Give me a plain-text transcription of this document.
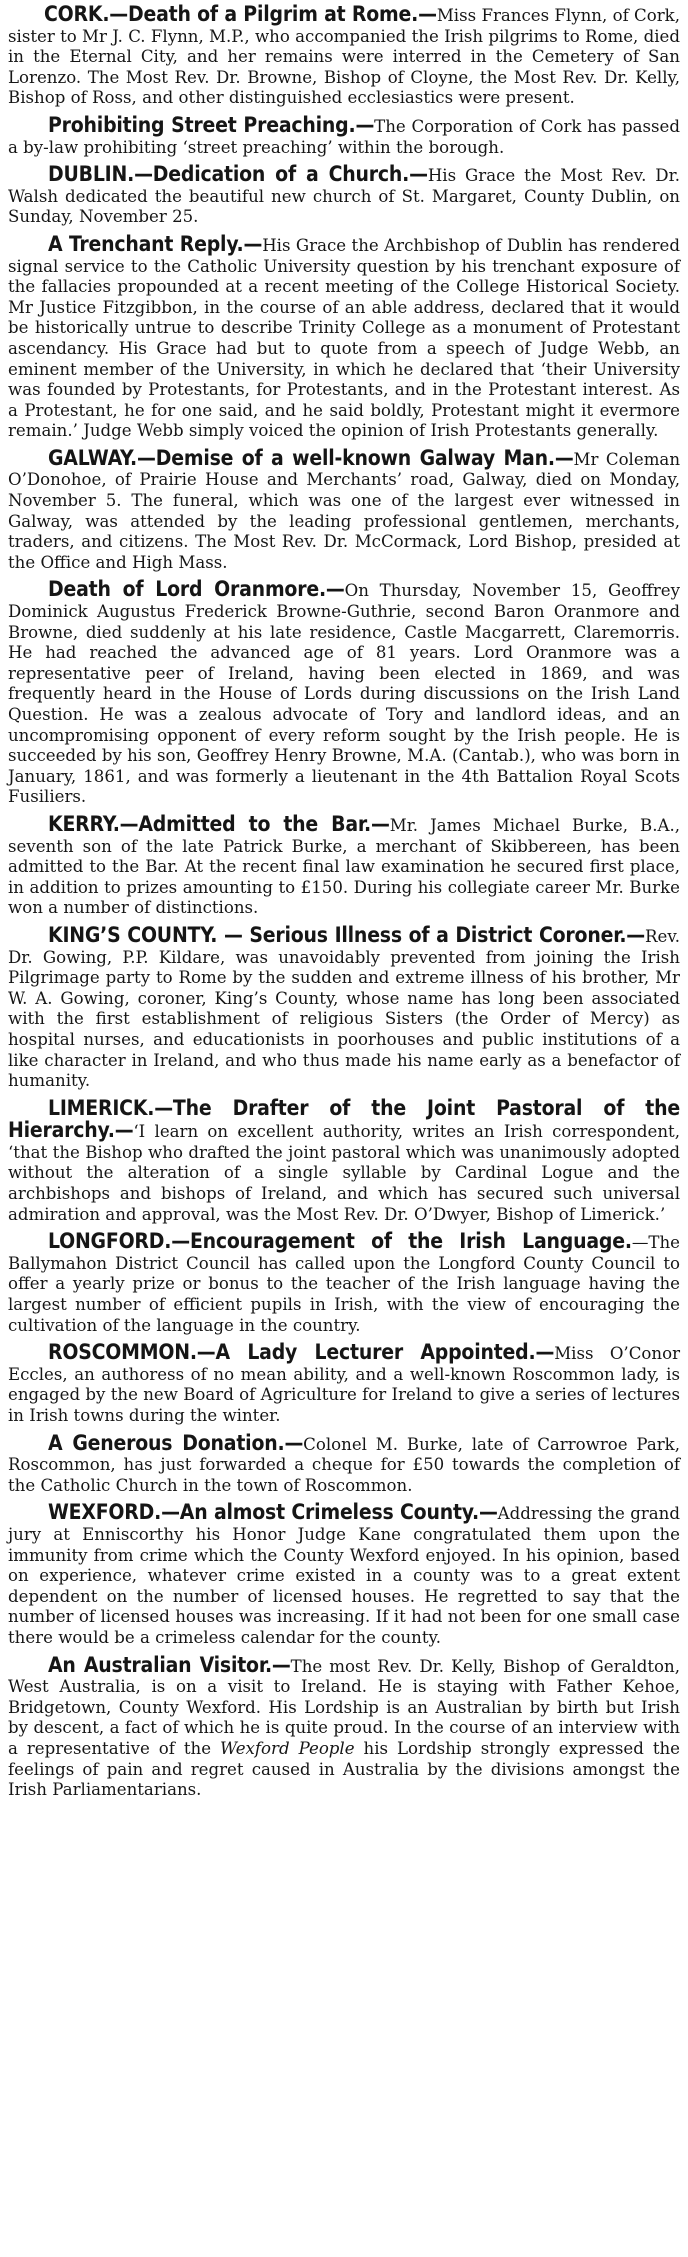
CORK.—Death of a Pilgrim at Rome.—Miss Frances Flynn, of Cork, sister to Mr J. C. Flynn, M.P., who accompanied the Irish pilgrims to Rome, died in the Eternal City, and her remains were interred in the Cemetery of San Lorenzo. The Most Rev. Dr. Browne, Bishop of Cloyne, the Most Rev. Dr. Kelly, Bishop of Ross, and other distinguished ecclesiastics were present.

Prohibiting Street Preaching.—The Corporation of Cork has passed a by-law prohibiting ‘street preaching’ within the borough.

DUBLIN.—Dedication of a Church.—His Grace the Most Rev. Dr. Walsh dedicated the beautiful new church of St. Margaret, County Dublin, on Sunday, November 25.

A Trenchant Reply.—His Grace the Archbishop of Dublin has rendered signal service to the Catholic University question by his trenchant exposure of the fallacies propounded at a recent meeting of the College Historical Society. Mr Justice Fitzgibbon, in the course of an able address, declared that it would be historically untrue to describe Trinity College as a monument of Protestant ascendancy. His Grace had but to quote from a speech of Judge Webb, an eminent member of the University, in which he declared that ‘their University was founded by Protestants, for Protestants, and in the Protestant interest. As a Protestant, he for one said, and he said boldly, Protestant might it evermore remain.’ Judge Webb simply voiced the opinion of Irish Protestants generally.

GALWAY.—Demise of a well-known Galway Man.—Mr Coleman O’Donohoe, of Prairie House and Merchants’ road, Galway, died on Monday, November 5. The funeral, which was one of the largest ever witnessed in Galway, was attended by the leading professional gentlemen, merchants, traders, and citizens. The Most Rev. Dr. McCormack, Lord Bishop, presided at the Office and High Mass.

Death of Lord Oranmore.—On Thursday, November 15, Geoffrey Dominick Augustus Frederick Browne-Guthrie, second Baron Oranmore and Browne, died suddenly at his late residence, Castle Macgarrett, Claremorris. He had reached the advanced age of 81 years. Lord Oranmore was a representative peer of Ireland, having been elected in 1869, and was frequently heard in the House of Lords during discussions on the Irish Land Question. He was a zealous advocate of Tory and landlord ideas, and an uncompromising opponent of every reform sought by the Irish people. He is succeeded by his son, Geoffrey Henry Browne, M.A. (Cantab.), who was born in January, 1861, and was formerly a lieutenant in the 4th Battalion Royal Scots Fusiliers.

KERRY.—Admitted to the Bar.—Mr. James Michael Burke, B.A., seventh son of the late Patrick Burke, a merchant of Skibbereen, has been admitted to the Bar. At the recent final law examination he secured first place, in addition to prizes amounting to £150. During his collegiate career Mr. Burke won a number of distinctions.

KING’S COUNTY. — Serious Illness of a District Coroner.—Rev. Dr. Gowing, P.P. Kildare, was unavoidably prevented from joining the Irish Pilgrimage party to Rome by the sudden and extreme illness of his brother, Mr W. A. Gowing, coroner, King’s County, whose name has long been associated with the first establishment of religious Sisters (the Order of Mercy) as hospital nurses, and educationists in poorhouses and public institutions of a like character in Ireland, and who thus made his name early as a benefactor of humanity.

LIMERICK.—The Drafter of the Joint Pastoral of the Hierarchy.—‘I learn on excellent authority, writes an Irish correspondent, ‘that the Bishop who drafted the joint pastoral which was unanimously adopted without the alteration of a single syllable by Cardinal Logue and the archbishops and bishops of Ireland, and which has secured such universal admiration and approval, was the Most Rev. Dr. O’Dwyer, Bishop of Limerick.’

LONGFORD.—Encouragement of the Irish Language.—The Ballymahon District Council has called upon the Longford County Council to offer a yearly prize or bonus to the teacher of the Irish language having the largest number of efficient pupils in Irish, with the view of encouraging the cultivation of the language in the country.

ROSCOMMON.—A Lady Lecturer Appointed.—Miss O’Conor Eccles, an authoress of no mean ability, and a well-known Roscommon lady, is engaged by the new Board of Agriculture for Ireland to give a series of lectures in Irish towns during the winter.

A Generous Donation.—Colonel M. Burke, late of Carrowroe Park, Roscommon, has just forwarded a cheque for £50 towards the completion of the Catholic Church in the town of Roscommon.

WEXFORD.—An almost Crimeless County.—Addressing the grand jury at Enniscorthy his Honor Judge Kane congratulated them upon the immunity from crime which the County Wexford enjoyed. In his opinion, based on experience, whatever crime existed in a county was to a great extent dependent on the number of licensed houses. He regretted to say that the number of licensed houses was increasing. If it had not been for one small case there would be a crimeless calendar for the county.

An Australian Visitor.—The most Rev. Dr. Kelly, Bishop of Geraldton, West Australia, is on a visit to Ireland. He is staying with Father Kehoe, Bridgetown, County Wexford. His Lordship is an Australian by birth but Irish by descent, a fact of which he is quite proud. In the course of an interview with a representative of the Wexford People his Lordship strongly expressed the feelings of pain and regret caused in Australia by the divisions amongst the Irish Parliamentarians.
